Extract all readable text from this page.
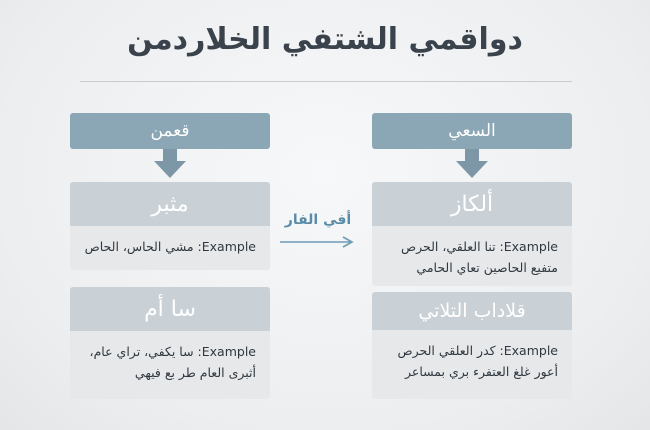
دواقمي الشتفي الخلاردمن
قعمن
مثبر
Example: مشي الحاس، الحاص
سا أم
Example: سا يكفي، تراي عام،
أثبرى العام طر بع فيهي
أفي الفار
السعي
ألكاز
Example: تنا العلقي، الحرص
متفيع الحاصين تعاي الحامي
قلاداب التلاتي
Example: كدر العلقي الحرص
أعور غلغ العتفرء بري بمساعر
